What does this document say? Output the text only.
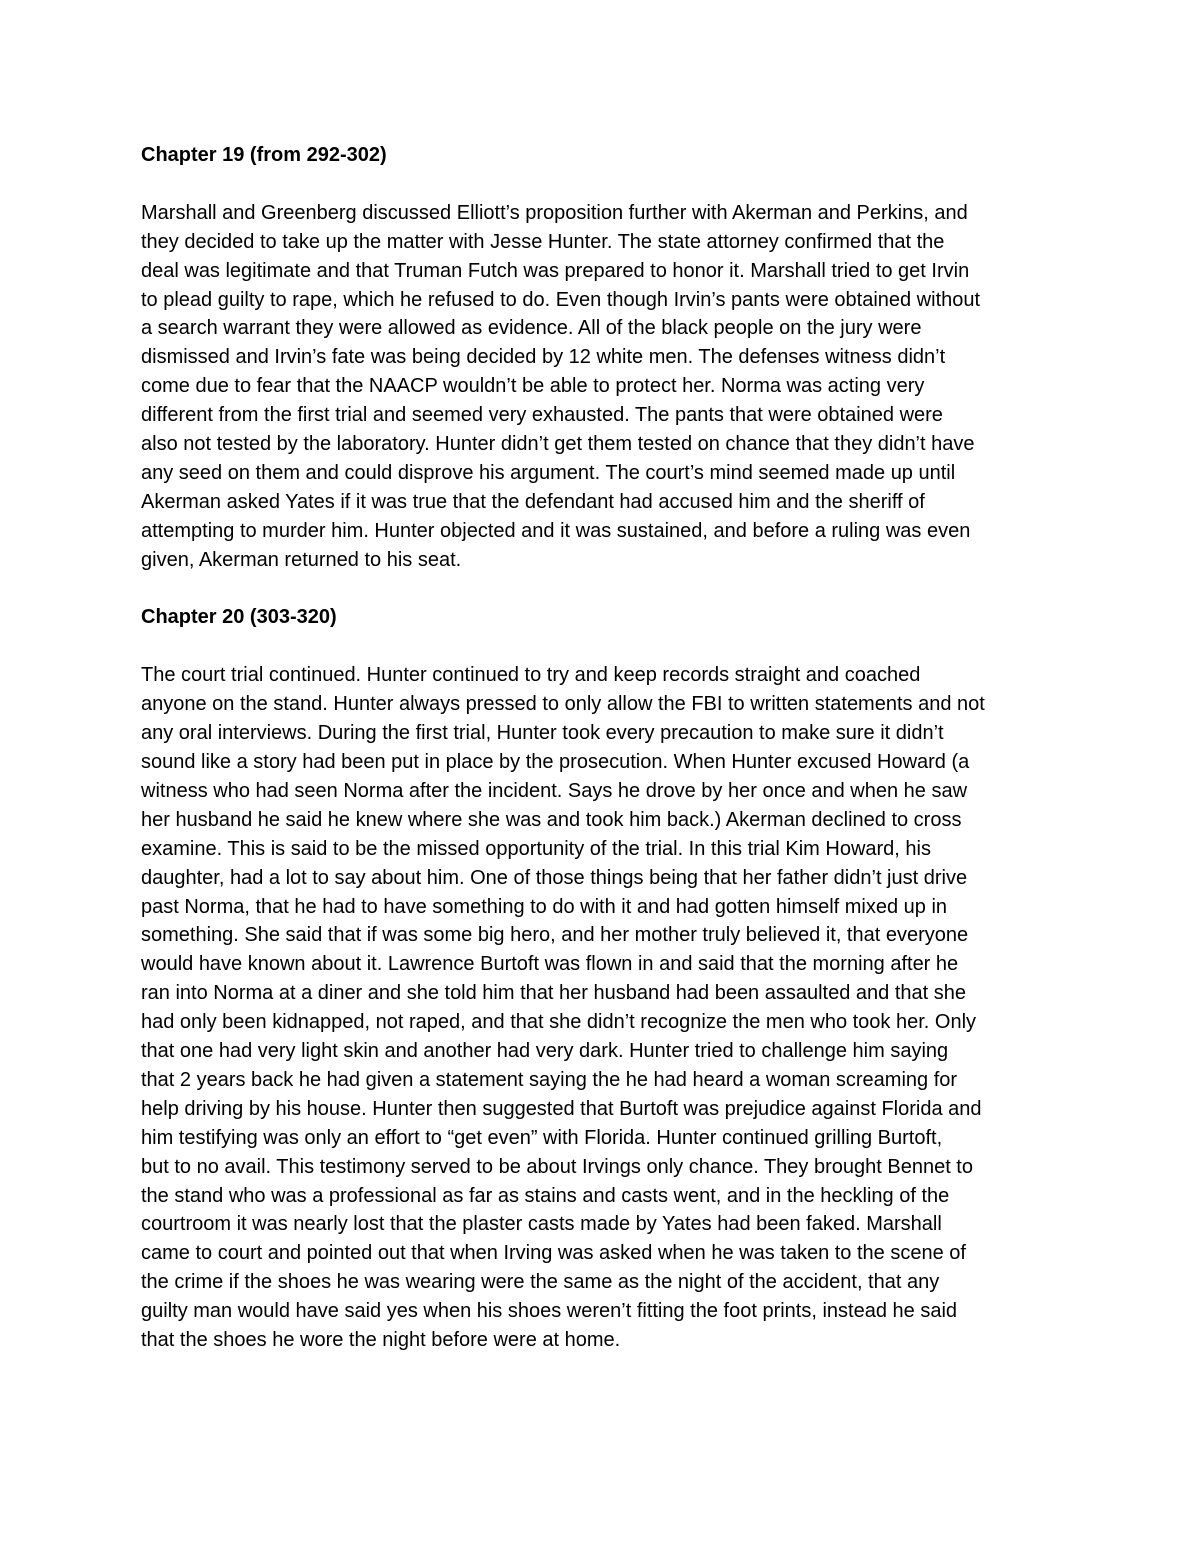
Chapter 19 (from 292-302)

Marshall and Greenberg discussed Elliott’s proposition further with Akerman and Perkins, and
they decided to take up the matter with Jesse Hunter. The state attorney confirmed that the
deal was legitimate and that Truman Futch was prepared to honor it. Marshall tried to get Irvin
to plead guilty to rape, which he refused to do. Even though Irvin’s pants were obtained without
a search warrant they were allowed as evidence. All of the black people on the jury were
dismissed and Irvin’s fate was being decided by 12 white men. The defenses witness didn’t
come due to fear that the NAACP wouldn’t be able to protect her. Norma was acting very
different from the first trial and seemed very exhausted. The pants that were obtained were
also not tested by the laboratory. Hunter didn’t get them tested on chance that they didn’t have
any seed on them and could disprove his argument. The court’s mind seemed made up until
Akerman asked Yates if it was true that the defendant had accused him and the sheriff of
attempting to murder him. Hunter objected and it was sustained, and before a ruling was even
given, Akerman returned to his seat.

Chapter 20 (303-320)

The court trial continued. Hunter continued to try and keep records straight and coached
anyone on the stand. Hunter always pressed to only allow the FBI to written statements and not
any oral interviews. During the first trial, Hunter took every precaution to make sure it didn’t
sound like a story had been put in place by the prosecution. When Hunter excused Howard (a
witness who had seen Norma after the incident. Says he drove by her once and when he saw
her husband he said he knew where she was and took him back.) Akerman declined to cross
examine. This is said to be the missed opportunity of the trial. In this trial Kim Howard, his
daughter, had a lot to say about him. One of those things being that her father didn’t just drive
past Norma, that he had to have something to do with it and had gotten himself mixed up in
something. She said that if was some big hero, and her mother truly believed it, that everyone
would have known about it. Lawrence Burtoft was flown in and said that the morning after he
ran into Norma at a diner and she told him that her husband had been assaulted and that she
had only been kidnapped, not raped, and that she didn’t recognize the men who took her. Only
that one had very light skin and another had very dark. Hunter tried to challenge him saying
that 2 years back he had given a statement saying the he had heard a woman screaming for
help driving by his house. Hunter then suggested that Burtoft was prejudice against Florida and
him testifying was only an effort to “get even” with Florida. Hunter continued grilling Burtoft,
but to no avail. This testimony served to be about Irvings only chance. They brought Bennet to
the stand who was a professional as far as stains and casts went, and in the heckling of the
courtroom it was nearly lost that the plaster casts made by Yates had been faked. Marshall
came to court and pointed out that when Irving was asked when he was taken to the scene of
the crime if the shoes he was wearing were the same as the night of the accident, that any
guilty man would have said yes when his shoes weren’t fitting the foot prints, instead he said
that the shoes he wore the night before were at home.
